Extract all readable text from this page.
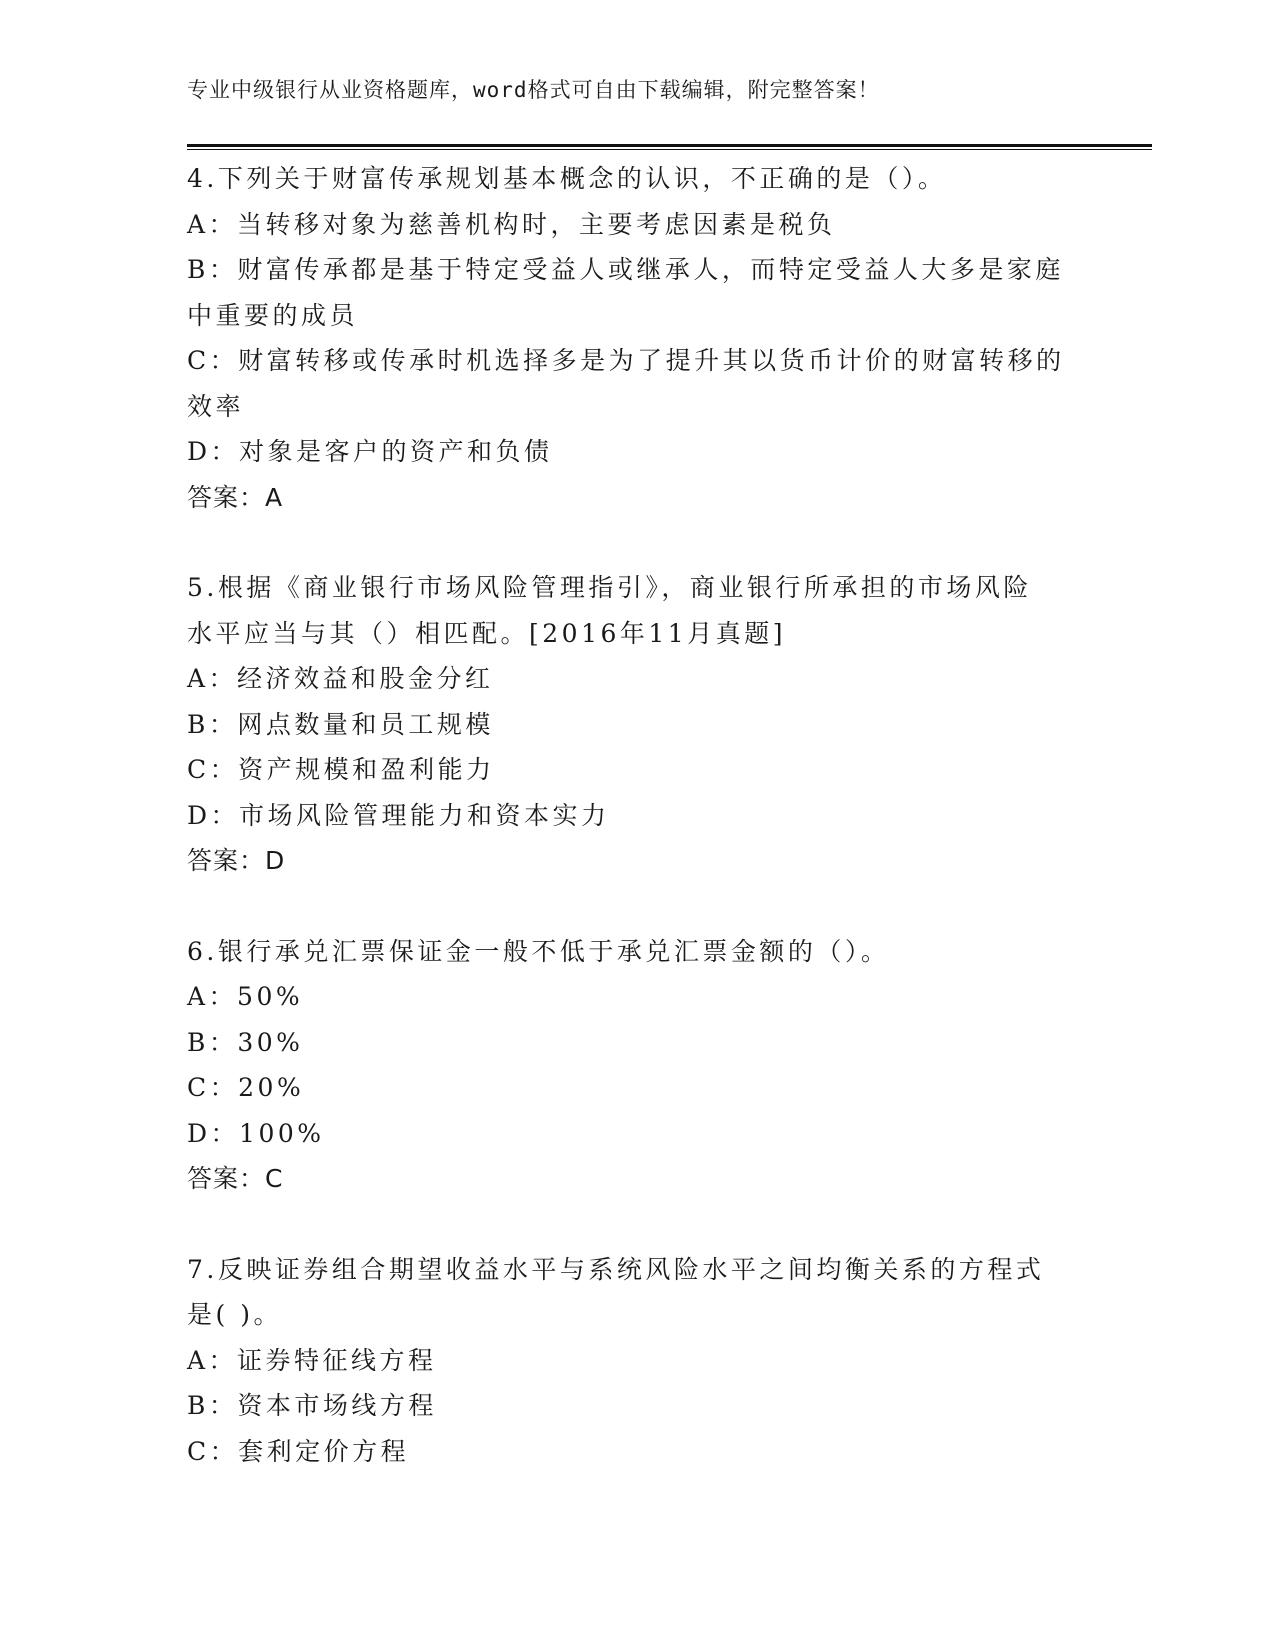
专业中级银行从业资格题库，word格式可自由下载编辑，附完整答案！
4.下列关于财富传承规划基本概念的认识，不正确的是（）。
A：当转移对象为慈善机构时，主要考虑因素是税负
B：财富传承都是基于特定受益人或继承人，而特定受益人大多是家庭
中重要的成员
C：财富转移或传承时机选择多是为了提升其以货币计价的财富转移的
效率
D：对象是客户的资产和负债
答案：A
5.根据《商业银行市场风险管理指引》，商业银行所承担的市场风险
水平应当与其（）相匹配。[2016年11月真题]
A：经济效益和股金分红
B：网点数量和员工规模
C：资产规模和盈利能力
D：市场风险管理能力和资本实力
答案：D
6.银行承兑汇票保证金一般不低于承兑汇票金额的（）。
A：50%
B：30%
C：20%
D：100%
答案：C
7.反映证券组合期望收益水平与系统风险水平之间均衡关系的方程式
是( )。
A：证券特征线方程
B：资本市场线方程
C：套利定价方程
